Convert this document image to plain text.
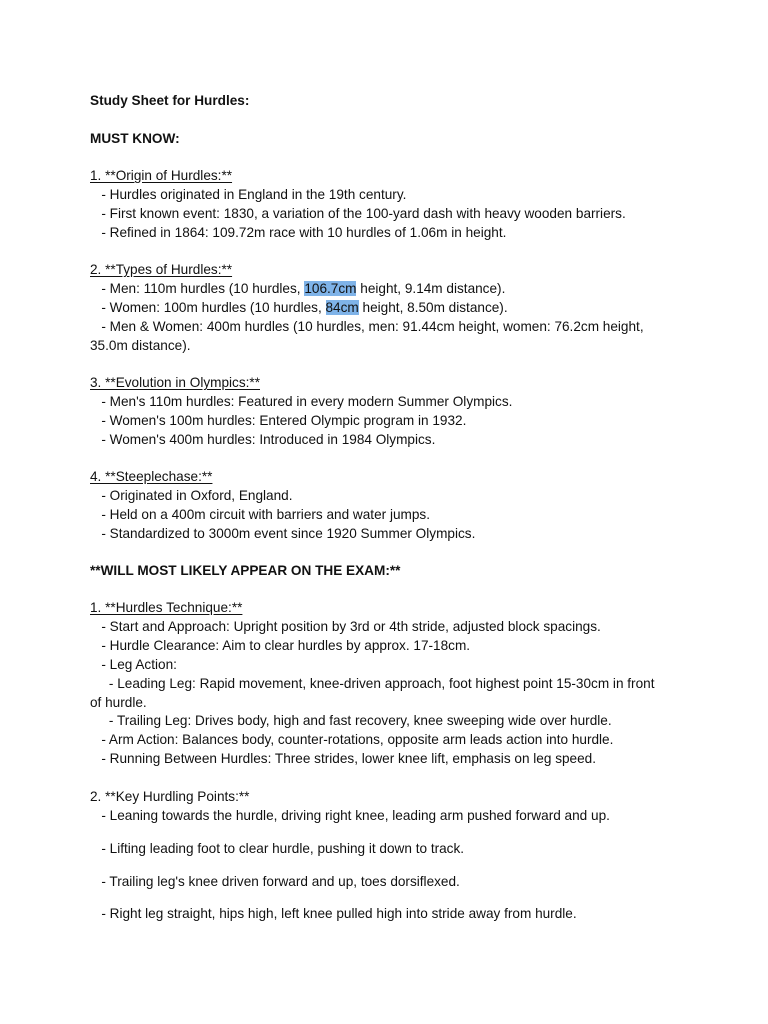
Study Sheet for Hurdles:
MUST KNOW:
1. **Origin of Hurdles:**
- Hurdles originated in England in the 19th century.
- First known event: 1830, a variation of the 100-yard dash with heavy wooden barriers.
- Refined in 1864: 109.72m race with 10 hurdles of 1.06m in height.
2. **Types of Hurdles:**
- Men: 110m hurdles (10 hurdles, 106.7cm height, 9.14m distance).
- Women: 100m hurdles (10 hurdles, 84cm height, 8.50m distance).
- Men & Women: 400m hurdles (10 hurdles, men: 91.44cm height, women: 76.2cm height,
35.0m distance).
3. **Evolution in Olympics:**
- Men's 110m hurdles: Featured in every modern Summer Olympics.
- Women's 100m hurdles: Entered Olympic program in 1932.
- Women's 400m hurdles: Introduced in 1984 Olympics.
4. **Steeplechase:**
- Originated in Oxford, England.
- Held on a 400m circuit with barriers and water jumps.
- Standardized to 3000m event since 1920 Summer Olympics.
**WILL MOST LIKELY APPEAR ON THE EXAM:**
1. **Hurdles Technique:**
- Start and Approach: Upright position by 3rd or 4th stride, adjusted block spacings.
- Hurdle Clearance: Aim to clear hurdles by approx. 17-18cm.
- Leg Action:
- Leading Leg: Rapid movement, knee-driven approach, foot highest point 15-30cm in front
of hurdle.
- Trailing Leg: Drives body, high and fast recovery, knee sweeping wide over hurdle.
- Arm Action: Balances body, counter-rotations, opposite arm leads action into hurdle.
- Running Between Hurdles: Three strides, lower knee lift, emphasis on leg speed.
2. **Key Hurdling Points:**
- Leaning towards the hurdle, driving right knee, leading arm pushed forward and up.
- Lifting leading foot to clear hurdle, pushing it down to track.
- Trailing leg's knee driven forward and up, toes dorsiflexed.
- Right leg straight, hips high, left knee pulled high into stride away from hurdle.
